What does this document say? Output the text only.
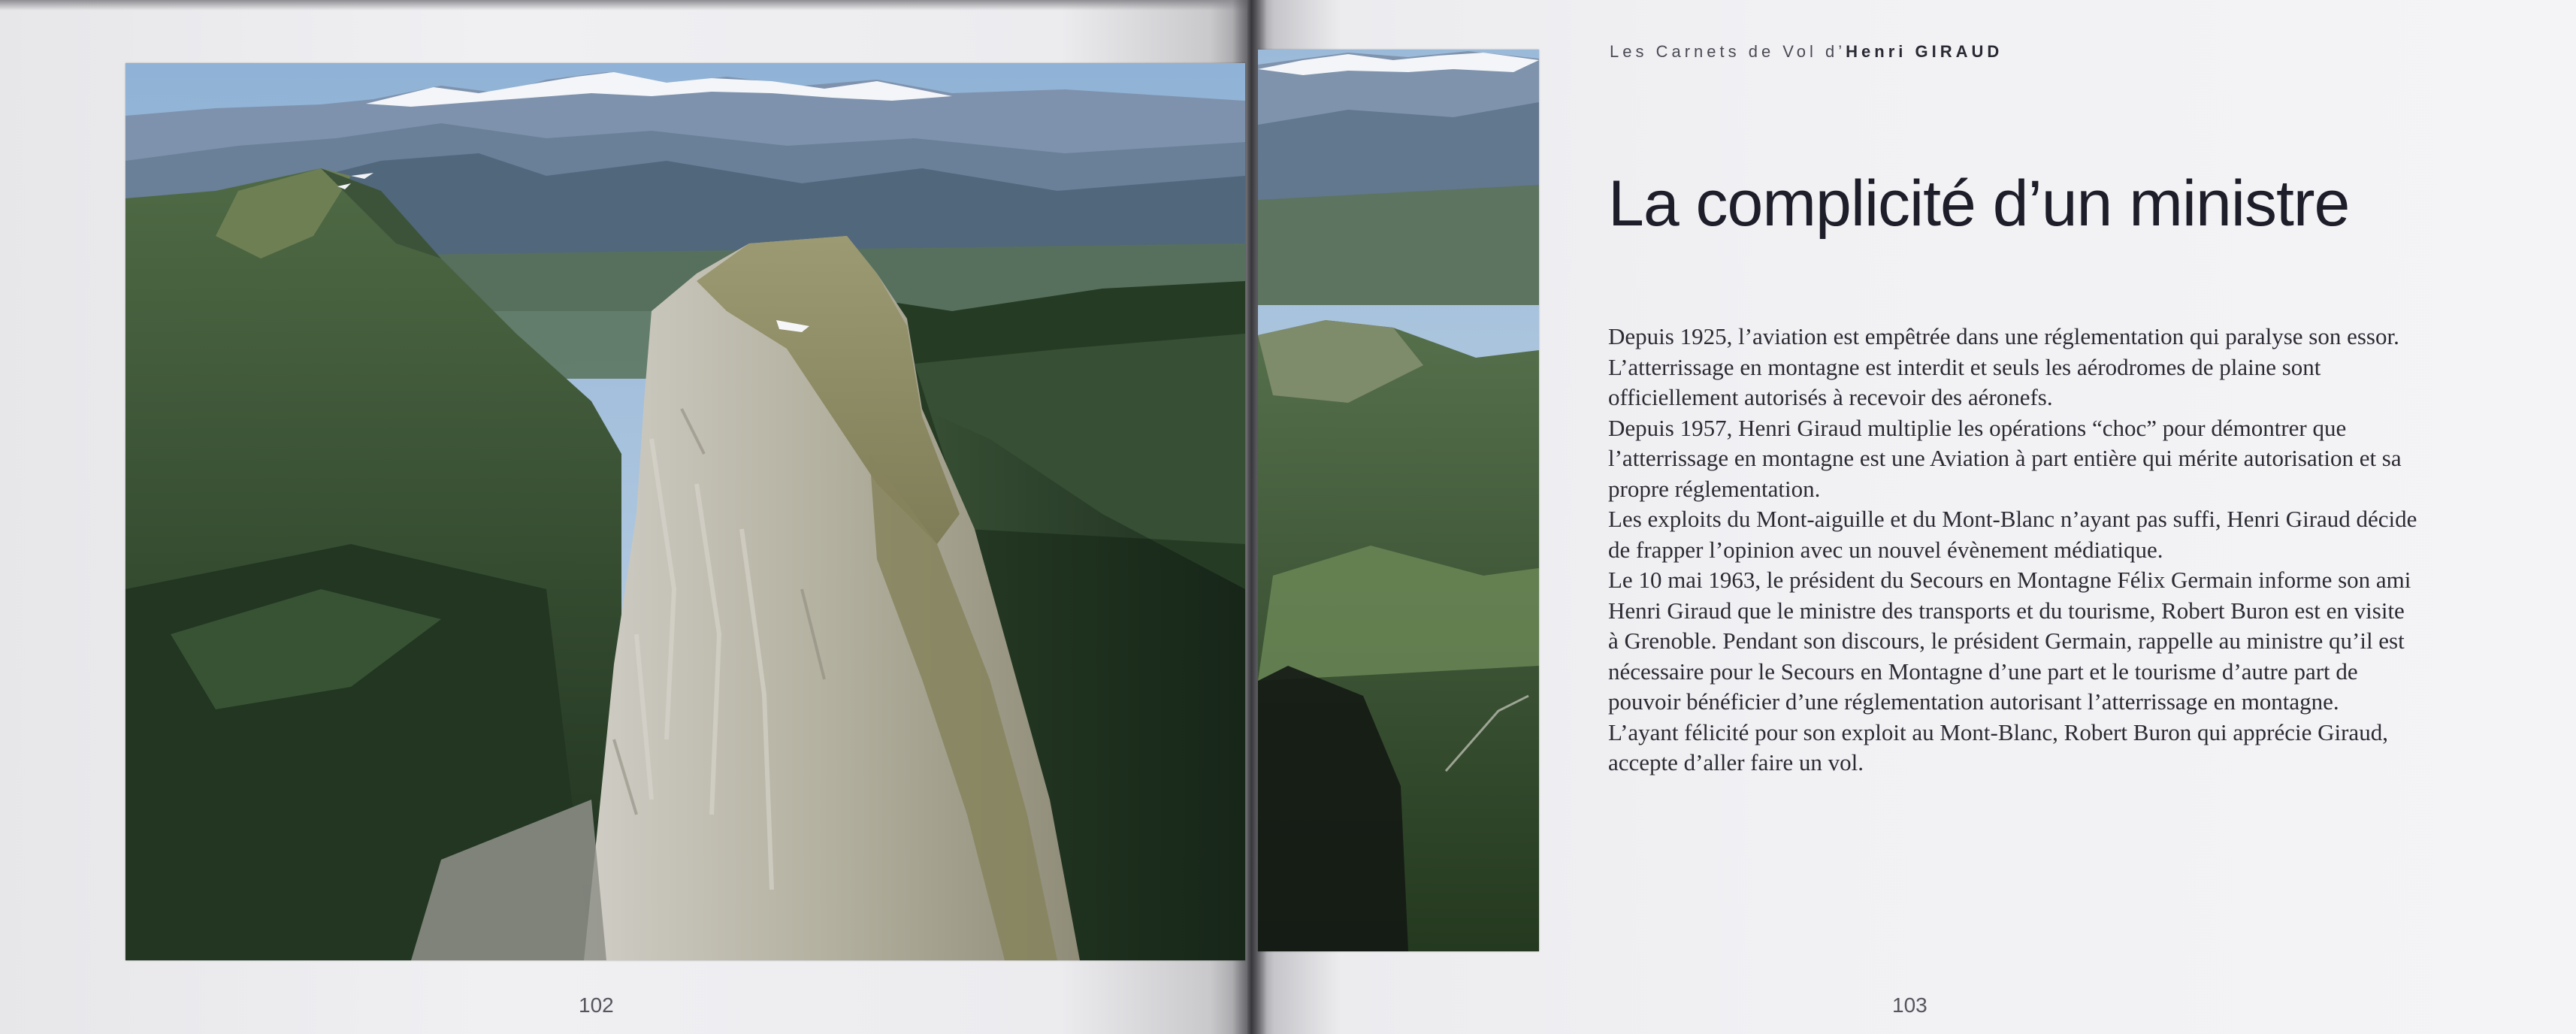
Les Carnets de Vol d’Henri GIRAUD
La complicité d’un ministre

Depuis 1925, l’aviation est empêtrée dans une réglementation qui paralyse son essor.
L’atterrissage en montagne est interdit et seuls les aérodromes de plaine sont
officiellement autorisés à recevoir des aéronefs.

Depuis 1957, Henri Giraud multiplie les opérations “choc” pour démontrer que
l’atterrissage en montagne est une Aviation à part entière qui mérite autorisation et sa
propre réglementation.

Les exploits du Mont-aiguille et du Mont-Blanc n’ayant pas suffi, Henri Giraud décide
de frapper l’opinion avec un nouvel évènement médiatique.

Le 10 mai 1963, le président du Secours en Montagne Félix Germain informe son ami
Henri Giraud que le ministre des transports et du tourisme, Robert Buron est en visite
à Grenoble. Pendant son discours, le président Germain, rappelle au ministre qu’il est
nécessaire pour le Secours en Montagne d’une part et le tourisme d’autre part de
pouvoir bénéficier d’une réglementation autorisant l’atterrissage en montagne.

L’ayant félicité pour son exploit au Mont-Blanc, Robert Buron qui apprécie Giraud,
accepte d’aller faire un vol.

102	103
